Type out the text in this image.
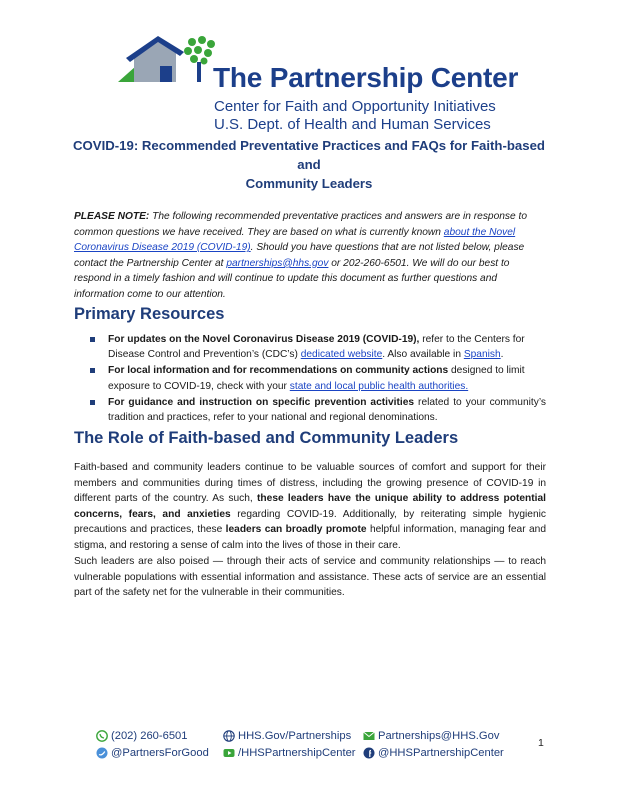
The Partnership Center
Center for Faith and Opportunity Initiatives
U.S. Dept. of Health and Human Services
COVID-19: Recommended Preventative Practices and FAQs for Faith-based and
Community Leaders
PLEASE NOTE: The following recommended preventative practices and answers are in response to common questions we have received. They are based on what is currently known about the Novel Coronavirus Disease 2019 (COVID-19). Should you have questions that are not listed below, please contact the Partnership Center at partnerships@hhs.gov or 202-260-6501. We will do our best to respond in a timely fashion and will continue to update this document as further questions and information come to our attention.
Primary Resources
For updates on the Novel Coronavirus Disease 2019 (COVID-19), refer to the Centers for Disease Control and Prevention’s (CDC’s) dedicated website. Also available in Spanish.
For local information and for recommendations on community actions designed to limit exposure to COVID-19, check with your state and local public health authorities.
For guidance and instruction on specific prevention activities related to your community’s tradition and practices, refer to your national and regional denominations.
The Role of Faith-based and Community Leaders
Faith-based and community leaders continue to be valuable sources of comfort and support for their members and communities during times of distress, including the growing presence of COVID-19 in different parts of the country. As such, these leaders have the unique ability to address potential concerns, fears, and anxieties regarding COVID-19. Additionally, by reiterating simple hygienic precautions and practices, these leaders can broadly promote helpful information, managing fear and stigma, and restoring a sense of calm into the lives of those in their care.
Such leaders are also poised — through their acts of service and community relationships — to reach vulnerable populations with essential information and assistance. These acts of service are an essential part of the safety net for the vulnerable in their communities.
(202) 260-6501	HHS.Gov/Partnerships Partnerships@HHS.Gov
@PartnersForGood	/HHSPartnershipCenter @HHSPartnershipCenter
1
